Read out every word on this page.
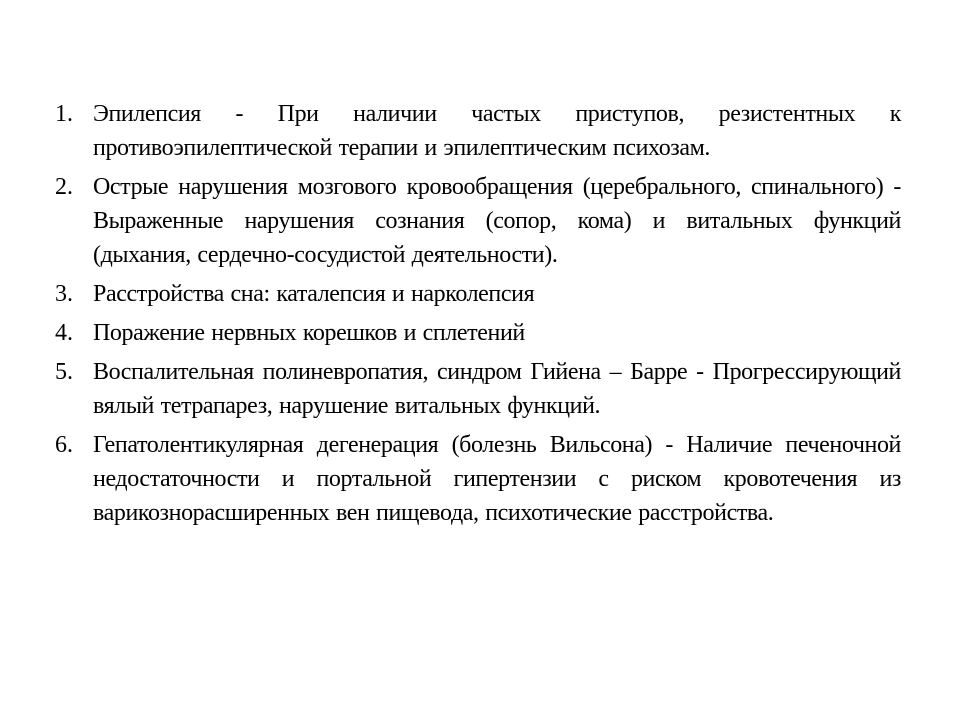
1. Эпилепсия - При наличии частых приступов, резистентных к противоэпилептической терапии и эпилептическим психозам.
2. Острые нарушения мозгового кровообращения (церебрального, спинального) - Выраженные нарушения сознания (сопор, кома) и витальных функций (дыхания, сердечно-сосудистой деятельности).
3. Расстройства сна: каталепсия и нарколепсия
4. Поражение нервных корешков и сплетений
5. Воспалительная полиневропатия, синдром Гийена – Барре - Прогрессирующий вялый тетрапарез, нарушение витальных функций.
6. Гепатолентикулярная дегенерация (болезнь Вильсона) - Наличие печеночной недостаточности и портальной гипертензии с риском кровотечения из варикознорасширенных вен пищевода, психотические расстройства.
